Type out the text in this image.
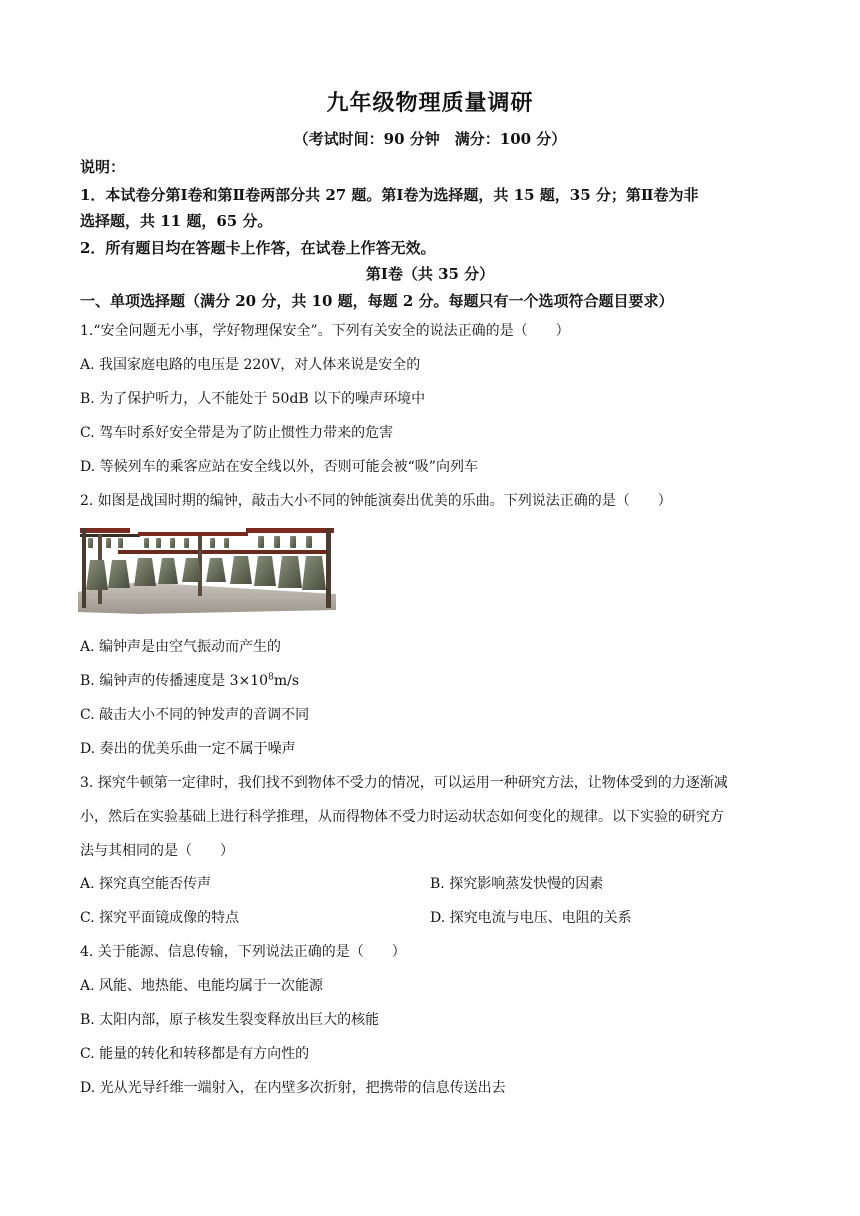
九年级物理质量调研
（考试时间：90 分钟　满分：100 分）
说明：
1．本试卷分第Ⅰ卷和第Ⅱ卷两部分共 27 题。第Ⅰ卷为选择题，共 15 题，35 分；第Ⅱ卷为非
选择题，共 11 题，65 分。
2．所有题目均在答题卡上作答，在试卷上作答无效。
第Ⅰ卷（共 35 分）
一、单项选择题（满分 20 分，共 10 题，每题 2 分。每题只有一个选项符合题目要求）
1.“安全问题无小事，学好物理保安全”。下列有关安全的说法正确的是（　　）
A. 我国家庭电路的电压是 220V，对人体来说是安全的
B. 为了保护听力，人不能处于 50dB 以下的噪声环境中
C. 驾车时系好安全带是为了防止惯性力带来的危害
D. 等候列车的乘客应站在安全线以外，否则可能会被“吸”向列车
2. 如图是战国时期的编钟，敲击大小不同的钟能演奏出优美的乐曲。下列说法正确的是（　　）
A. 编钟声是由空气振动而产生的
B. 编钟声的传播速度是 $3\times 10^8m/s$
C. 敲击大小不同的钟发声的音调不同
D. 奏出的优美乐曲一定不属于噪声
3. 探究牛顿第一定律时，我们找不到物体不受力的情况，可以运用一种研究方法，让物体受到的力逐渐减
小，然后在实验基础上进行科学推理，从而得物体不受力时运动状态如何变化的规律。以下实验的研究方
法与其相同的是（　　）
A. 探究真空能否传声	B. 探究影响蒸发快慢的因素
C. 探究平面镜成像的特点	D. 探究电流与电压、电阻的关系
4. 关于能源、信息传输，下列说法正确的是（　　）
A. 风能、地热能、电能均属于一次能源
B. 太阳内部，原子核发生裂变释放出巨大的核能
C. 能量的转化和转移都是有方向性的
D. 光从光导纤维一端射入，在内壁多次折射，把携带的信息传送出去
